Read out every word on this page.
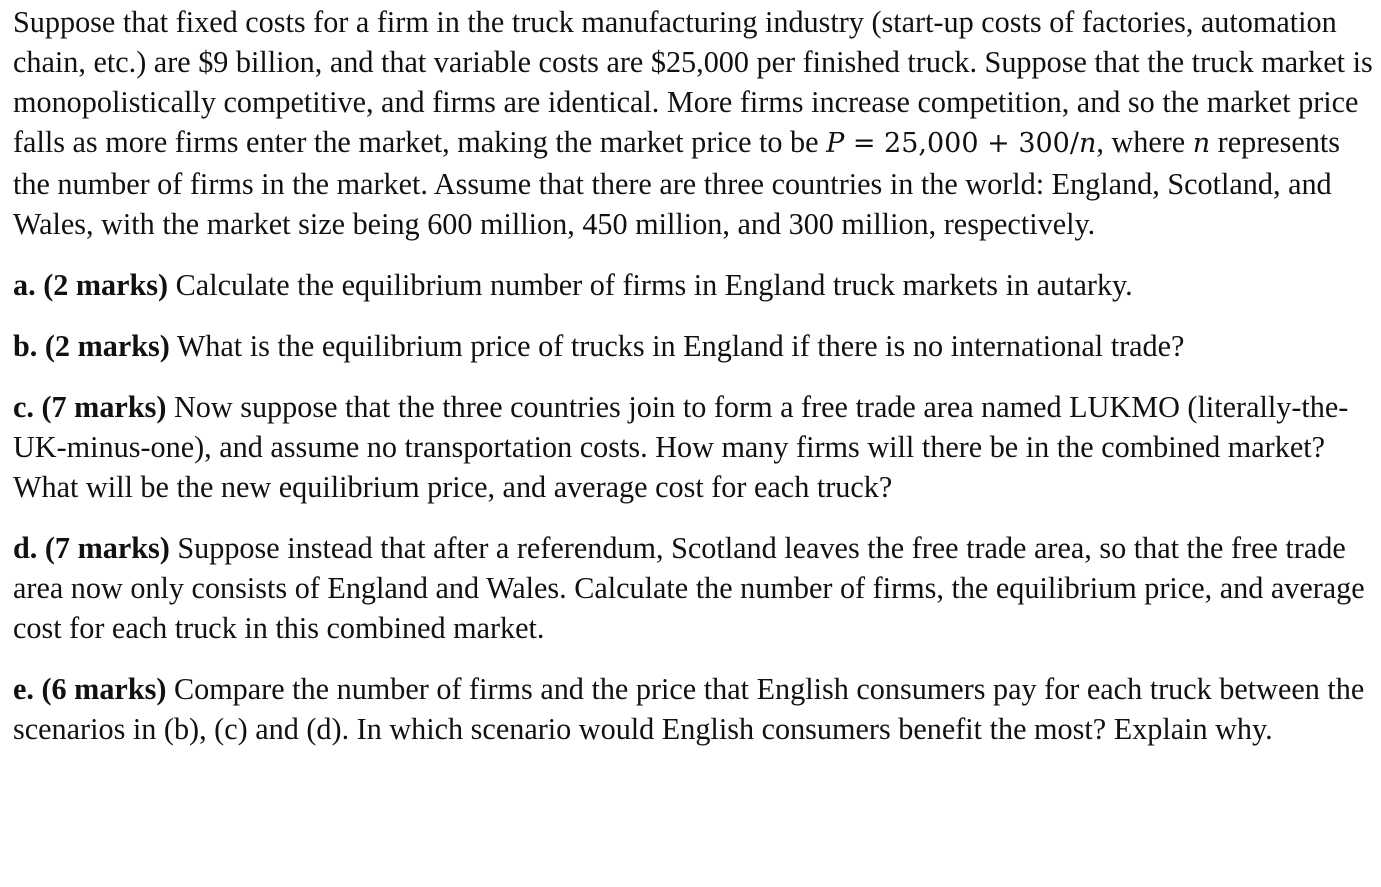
Suppose that fixed costs for a firm in the truck manufacturing industry (start-up costs of factories, automation chain, etc.) are $9 billion, and that variable costs are $25,000 per finished truck. Suppose that the truck market is monopolistically competitive, and firms are identical. More firms increase competition, and so the market price falls as more firms enter the market, making the market price to be P = 25,000 + 300/n, where n represents the number of firms in the market. Assume that there are three countries in the world: England, Scotland, and Wales, with the market size being 600 million, 450 million, and 300 million, respectively.

a. (2 marks) Calculate the equilibrium number of firms in England truck markets in autarky.

b. (2 marks) What is the equilibrium price of trucks in England if there is no international trade?

c. (7 marks) Now suppose that the three countries join to form a free trade area named LUKMO (literally-the-UK-minus-one), and assume no transportation costs. How many firms will there be in the combined market? What will be the new equilibrium price, and average cost for each truck?

d. (7 marks) Suppose instead that after a referendum, Scotland leaves the free trade area, so that the free trade area now only consists of England and Wales. Calculate the number of firms, the equilibrium price, and average cost for each truck in this combined market.

e. (6 marks) Compare the number of firms and the price that English consumers pay for each truck between the scenarios in (b), (c) and (d). In which scenario would English consumers benefit the most? Explain why.
